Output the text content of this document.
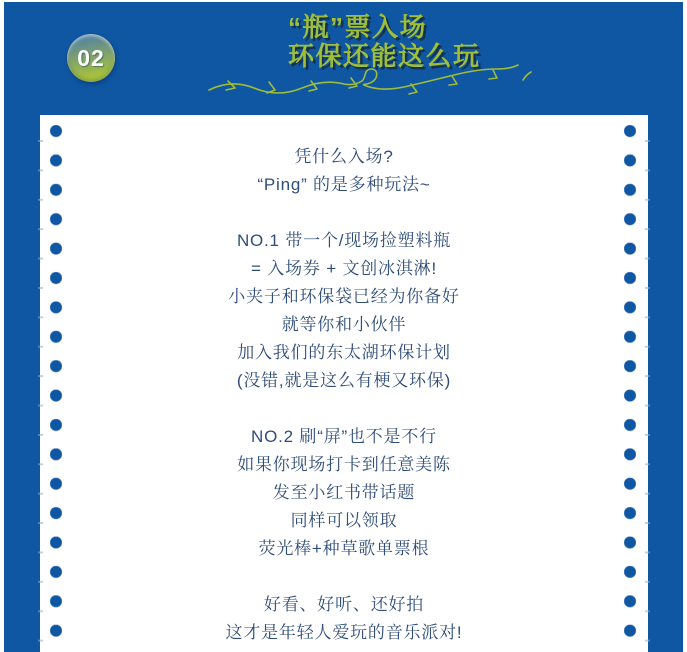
02
“瓶”票入场
环保还能这么玩

凭什么入场?

“Ping” 的是多种玩法~

NO.1 带一个/现场捡塑料瓶

= 入场券 + 文创冰淇淋!

小夹子和环保袋已经为你备好

就等你和小伙伴

加入我们的东太湖环保计划

(没错,就是这么有梗又环保)

NO.2 刷“屏”也不是不行

如果你现场打卡到任意美陈

发至小红书带话题

同样可以领取

荧光棒+种草歌单票根

好看、好听、还好拍

这才是年轻人爱玩的音乐派对!
